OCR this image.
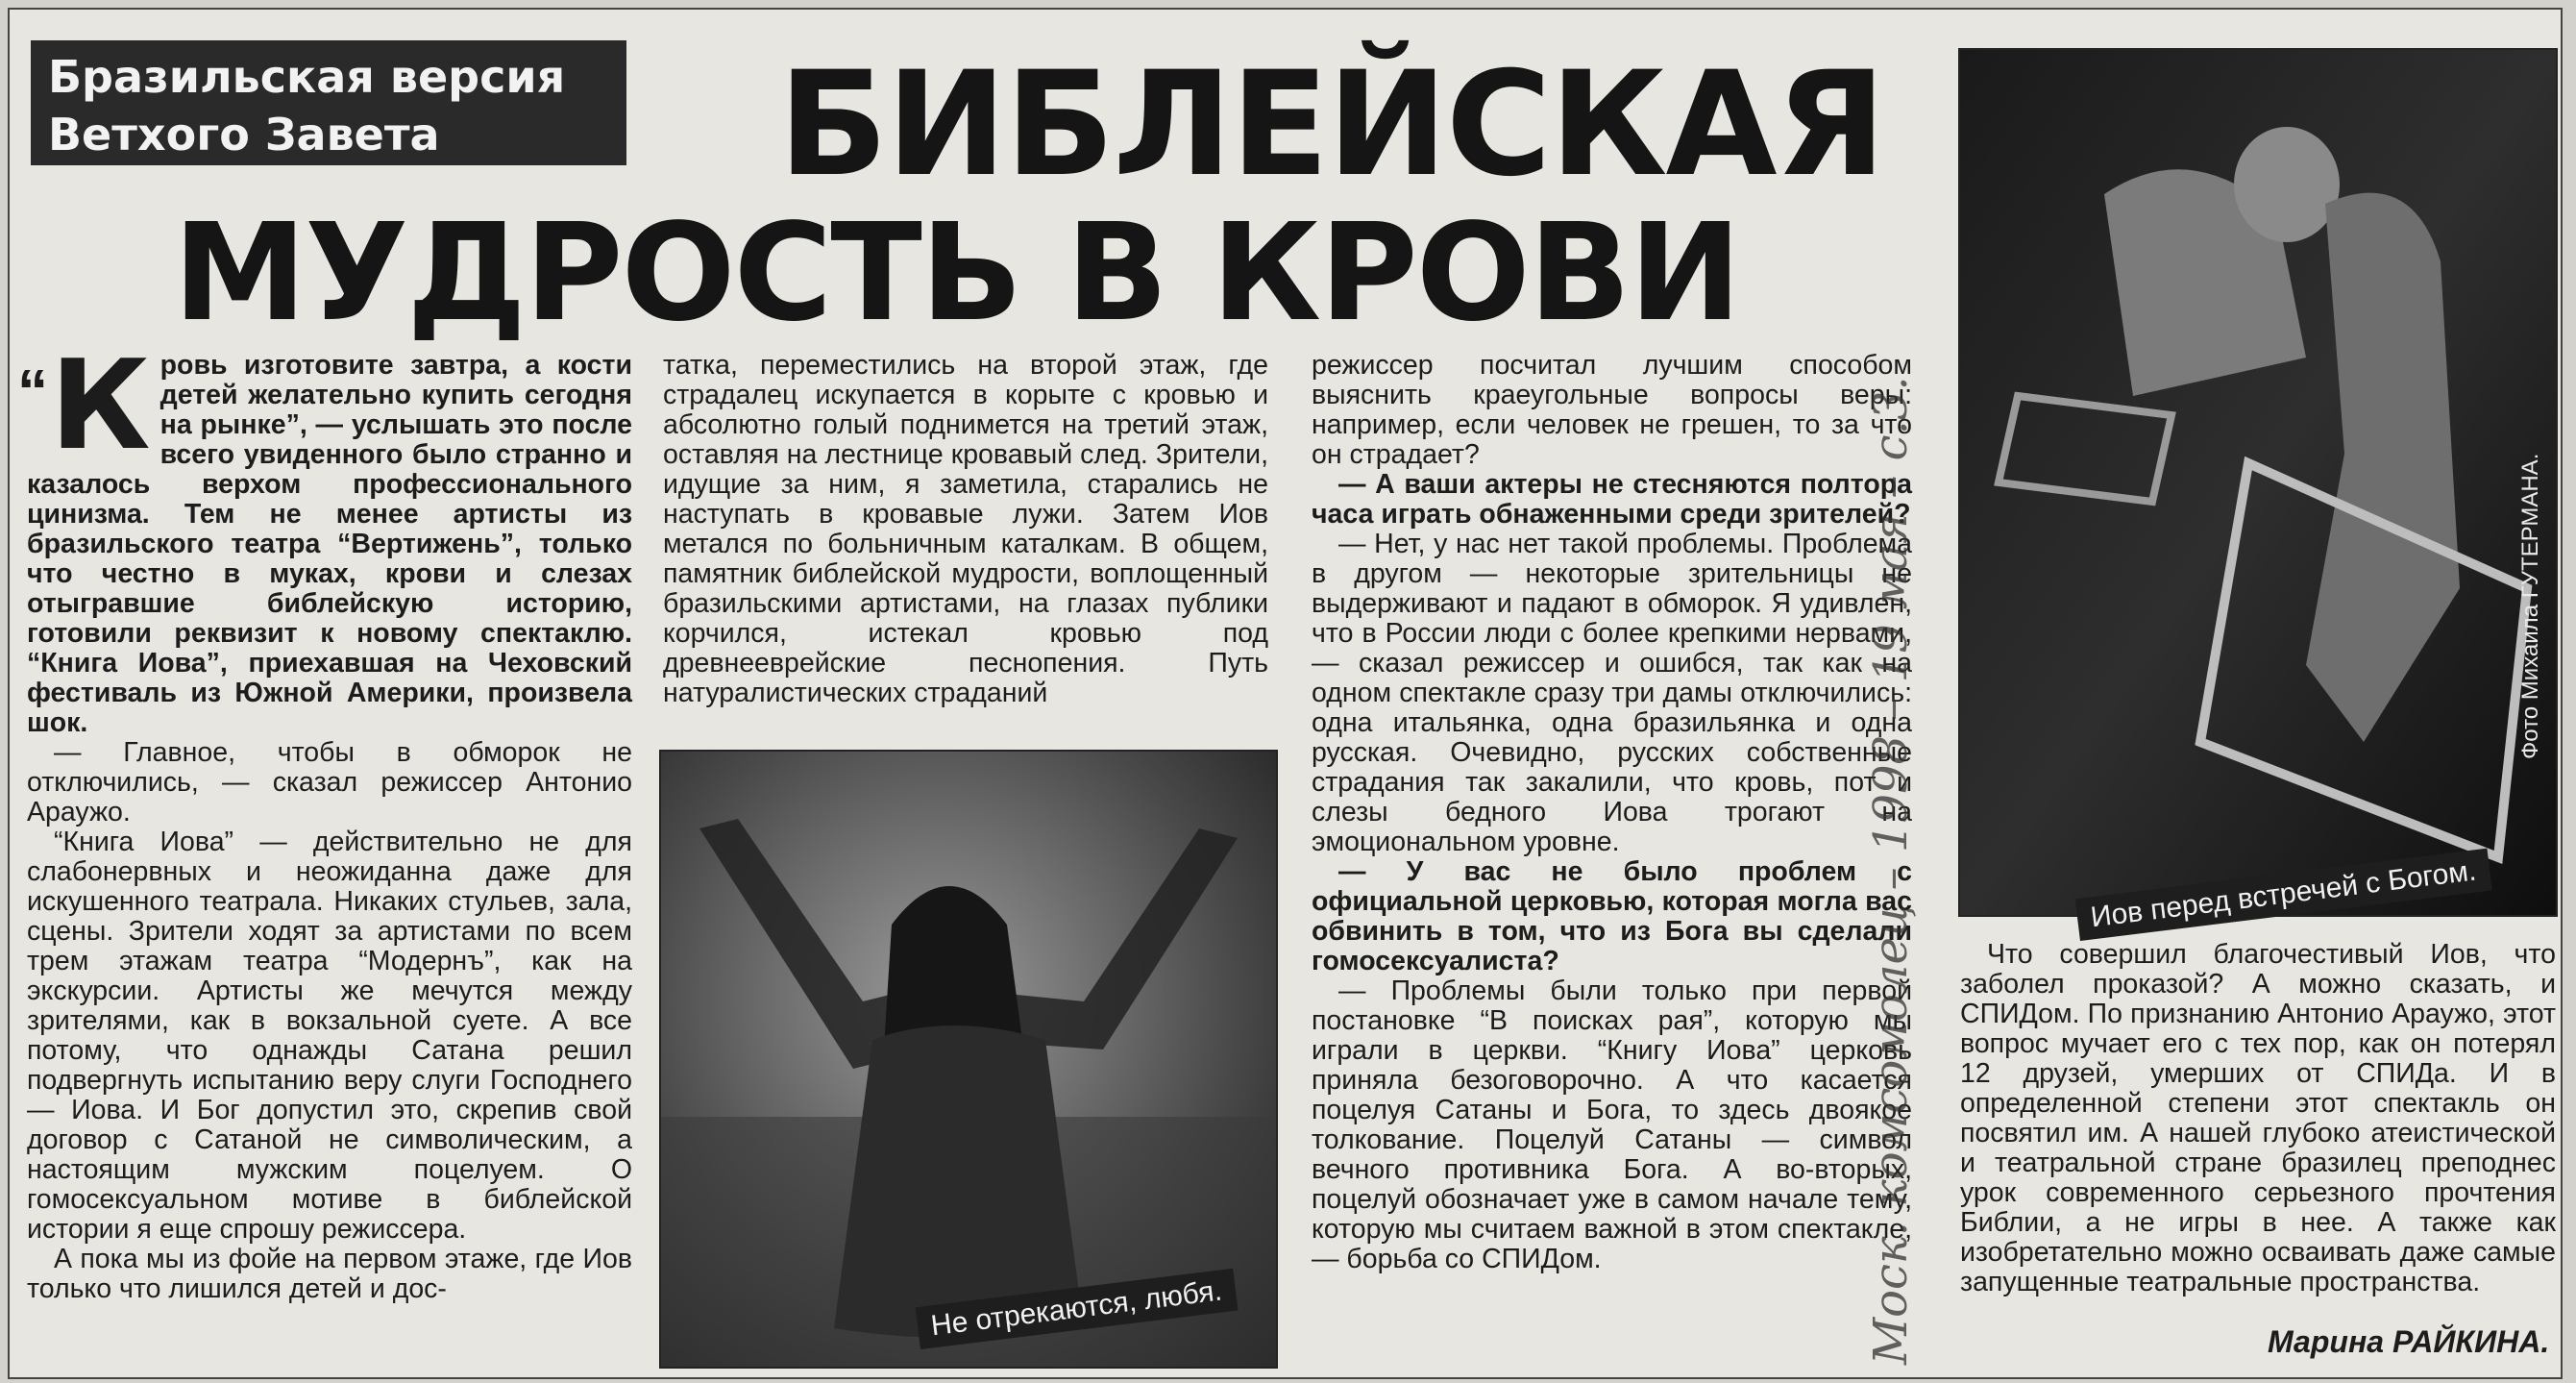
Бразильская версия
Ветхого Завета	БИБЛЕЙСКАЯ
МУДРОСТЬ В КРОВИ

“ К ровь изготовите завтра, а кости детей желательно купить сегодня на рынке”, — услышать это после всего увиденного было странно и казалось верхом профессионального цинизма. Тем не менее артисты из бразильского театра “Вертижень”, только что честно в муках, крови и слезах отыгравшие библейскую историю, готовили реквизит к новому спектаклю. “Книга Иова”, приехавшая на Чеховский фестиваль из Южной Америки, произвела шок.

— Главное, чтобы в обморок не отключились, — сказал режиссер Антонио Араужо.

“Книга Иова” — действительно не для слабонервных и неожиданна даже для искушенного театрала. Никаких стульев, зала, сцены. Зрители ходят за артистами по всем трем этажам театра “Модернъ”, как на экскурсии. Артисты же мечутся между зрителями, как в вокзальной суете. А все потому, что однажды Сатана решил подвергнуть испытанию веру слуги Господнего — Иова. И Бог допустил это, скрепив свой договор с Сатаной не символическим, а настоящим мужским поцелуем. О гомосексуальном мотиве в библейской истории я еще спрошу режиссера.

А пока мы из фойе на первом этаже, где Иов только что лишился детей и дос-

татка, переместились на второй этаж, где страдалец искупается в корыте с кровью и абсолютно голый поднимется на третий этаж, оставляя на лестнице кровавый след. Зрители, идущие за ним, я заметила, старались не наступать в кровавые лужи. Затем Иов метался по больничным каталкам. В общем, памятник библейской мудрости, воплощенный бразильскими артистами, на глазах публики корчился, истекал кровью под древнееврейские песнопения. Путь натуралистических страданий

Не отрекаются, любя.

режиссер посчитал лучшим способом выяснить краеугольные вопросы веры: например, если человек не грешен, то за что он страдает?

— А ваши актеры не стесняются полтора часа играть обнаженными среди зрителей?

— Нет, у нас нет такой проблемы. Проблема в другом — некоторые зрительницы не выдерживают и падают в обморок. Я удивлен, что в России люди с более крепкими нервами, — сказал режиссер и ошибся, так как на одном спектакле сразу три дамы отключились: одна итальянка, одна бразильянка и одна русская. Очевидно, русских собственные страдания так закалили, что кровь, пот и слезы бедного Иова трогают на эмоциональном уровне.

— У вас не было проблем с официальной церковью, которая могла вас обвинить в том, что из Бога вы сделали гомосексуалиста?

— Проблемы были только при первой постановке “В поисках рая”, которую мы играли в церкви. “Книгу Иова” церковь приняла безоговорочно. А что касается поцелуя Сатаны и Бога, то здесь двоякое толкование. Поцелуй Сатаны — символ вечного противника Бога. А во-вторых, поцелуй обозначает уже в самом начале тему, которую мы считаем важной в этом спектакле, — борьба со СПИДом.	Моск. комсомолец – 1998 – 19 мая – с.3.	Иов перед встречей с Богом.
Фото Михаила ГУТЕРМАНА.

Что совершил благочестивый Иов, что заболел проказой? А можно сказать, и СПИДом. По признанию Антонио Араужо, этот вопрос мучает его с тех пор, как он потерял 12 друзей, умерших от СПИДа. И в определенной степени этот спектакль он посвятил им. А нашей глубоко атеистической и театральной стране бразилец преподнес урок современного серьезного прочтения Библии, а не игры в нее. А также как изобретательно можно осваивать даже самые запущенные театральные пространства.

Марина РАЙКИНА.
